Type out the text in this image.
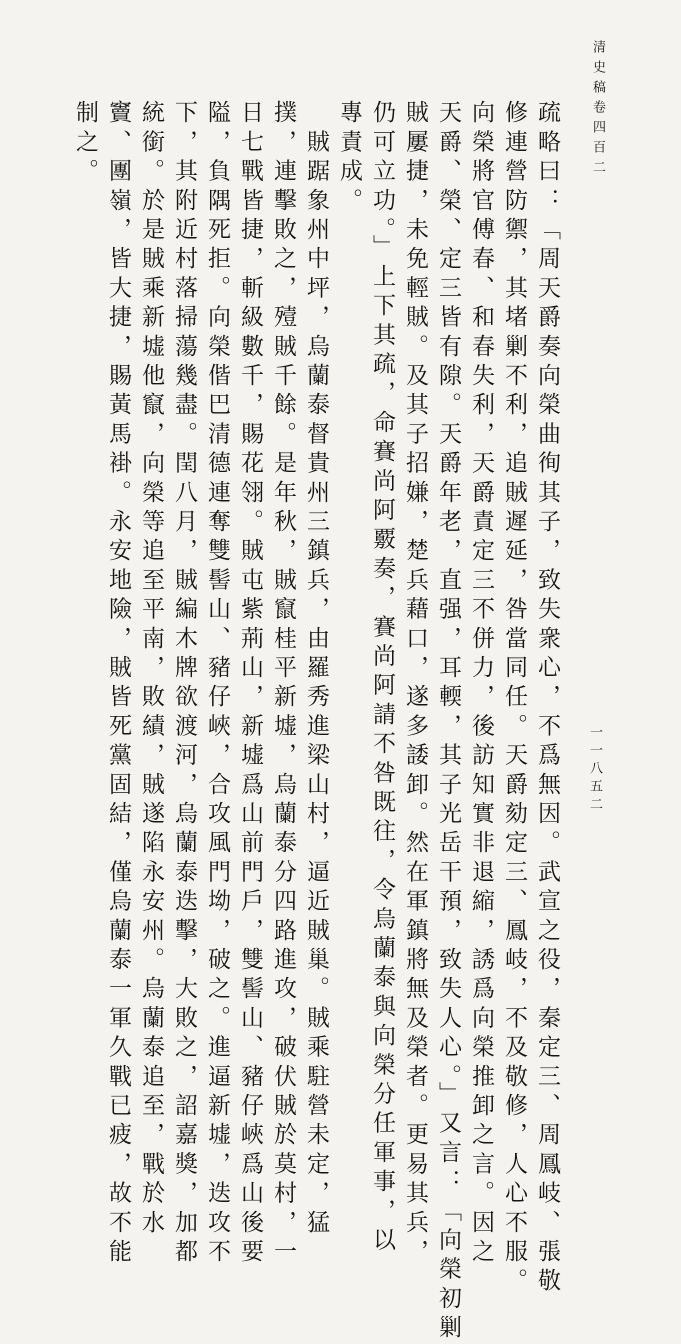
清史稿卷四百二
一一八五二
疏略曰：「周天爵奏向榮曲徇其子，致失衆心，不爲無因。武宣之役，秦定三、周鳳岐、張敬
修連營防禦，其堵剿不利，追賊遲延，咎當同任。天爵劾定三、鳳岐，不及敬修，人心不服。
向榮將官傅春、和春失利，天爵責定三不併力，後訪知實非退縮，誘爲向榮推卸之言。因之
天爵、榮、定三皆有隙。天爵年老，直强，耳輭，其子光岳干預，致失人心。」又言：「向榮初剿
賊屢捷，未免輕賊。及其子招嫌，楚兵藉口，遂多諉卸。然在軍鎮將無及榮者。更易其兵，
仍可立功。」上下其疏，命賽尚阿覈奏，賽尚阿請不咎既往，令烏蘭泰與向榮分任軍事，以
專責成。
　賊踞象州中坪，烏蘭泰督貴州三鎮兵，由羅秀進梁山村，逼近賊巢。賊乘駐營未定，猛
撲，連擊敗之，殪賊千餘。是年秋，賊竄桂平新墟，烏蘭泰分四路進攻，破伏賊於莫村，一
日七戰皆捷，斬級數千，賜花翎。賊屯紫荊山，新墟爲山前門戶，雙髻山、豬仔峽爲山後要
隘，負隅死拒。向榮偕巴清德連奪雙髻山、豬仔峽，合攻風門坳，破之。進逼新墟，迭攻不
下，其附近村落掃蕩幾盡。閏八月，賊編木牌欲渡河，烏蘭泰迭擊，大敗之，詔嘉獎，加都
統銜。於是賊乘新墟他竄，向榮等追至平南，敗績，賊遂陷永安州。烏蘭泰追至，戰於水
竇、團嶺，皆大捷，賜黃馬褂。永安地險，賊皆死黨固結，僅烏蘭泰一軍久戰已疲，故不能
制之。
